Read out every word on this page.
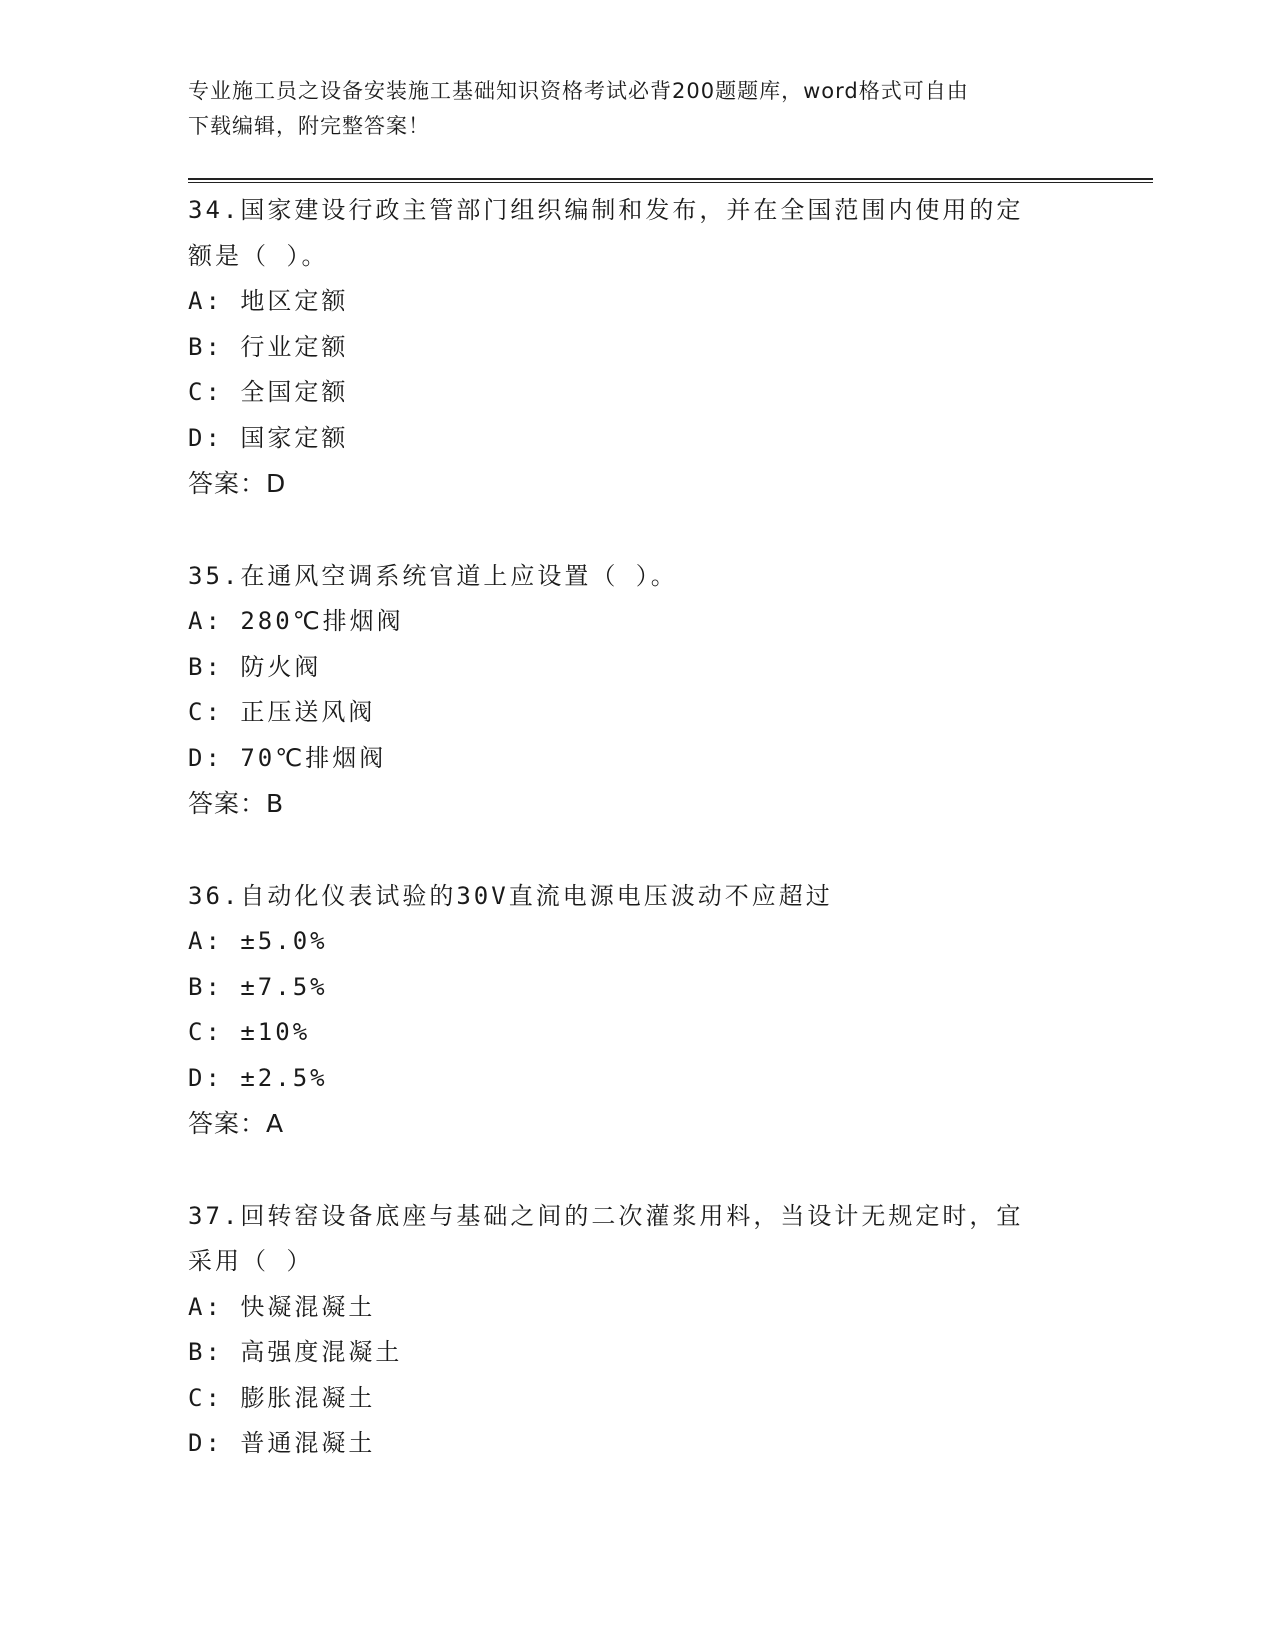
专业施工员之设备安装施工基础知识资格考试必背200题题库，word格式可自由
下载编辑，附完整答案！
34.国家建设行政主管部门组织编制和发布，并在全国范围内使用的定
额是（ ）。
A: 地区定额
B: 行业定额
C: 全国定额
D: 国家定额
答案：D
35.在通风空调系统官道上应设置（ ）。
A: 280℃排烟阀
B: 防火阀
C: 正压送风阀
D: 70℃排烟阀
答案：B
36.自动化仪表试验的30V直流电源电压波动不应超过
A: ±5.0%
B: ±7.5%
C: ±10%
D: ±2.5%
答案：A
37.回转窑设备底座与基础之间的二次灌浆用料，当设计无规定时，宜
采用（ ）
A: 快凝混凝土
B: 高强度混凝土
C: 膨胀混凝土
D: 普通混凝土
